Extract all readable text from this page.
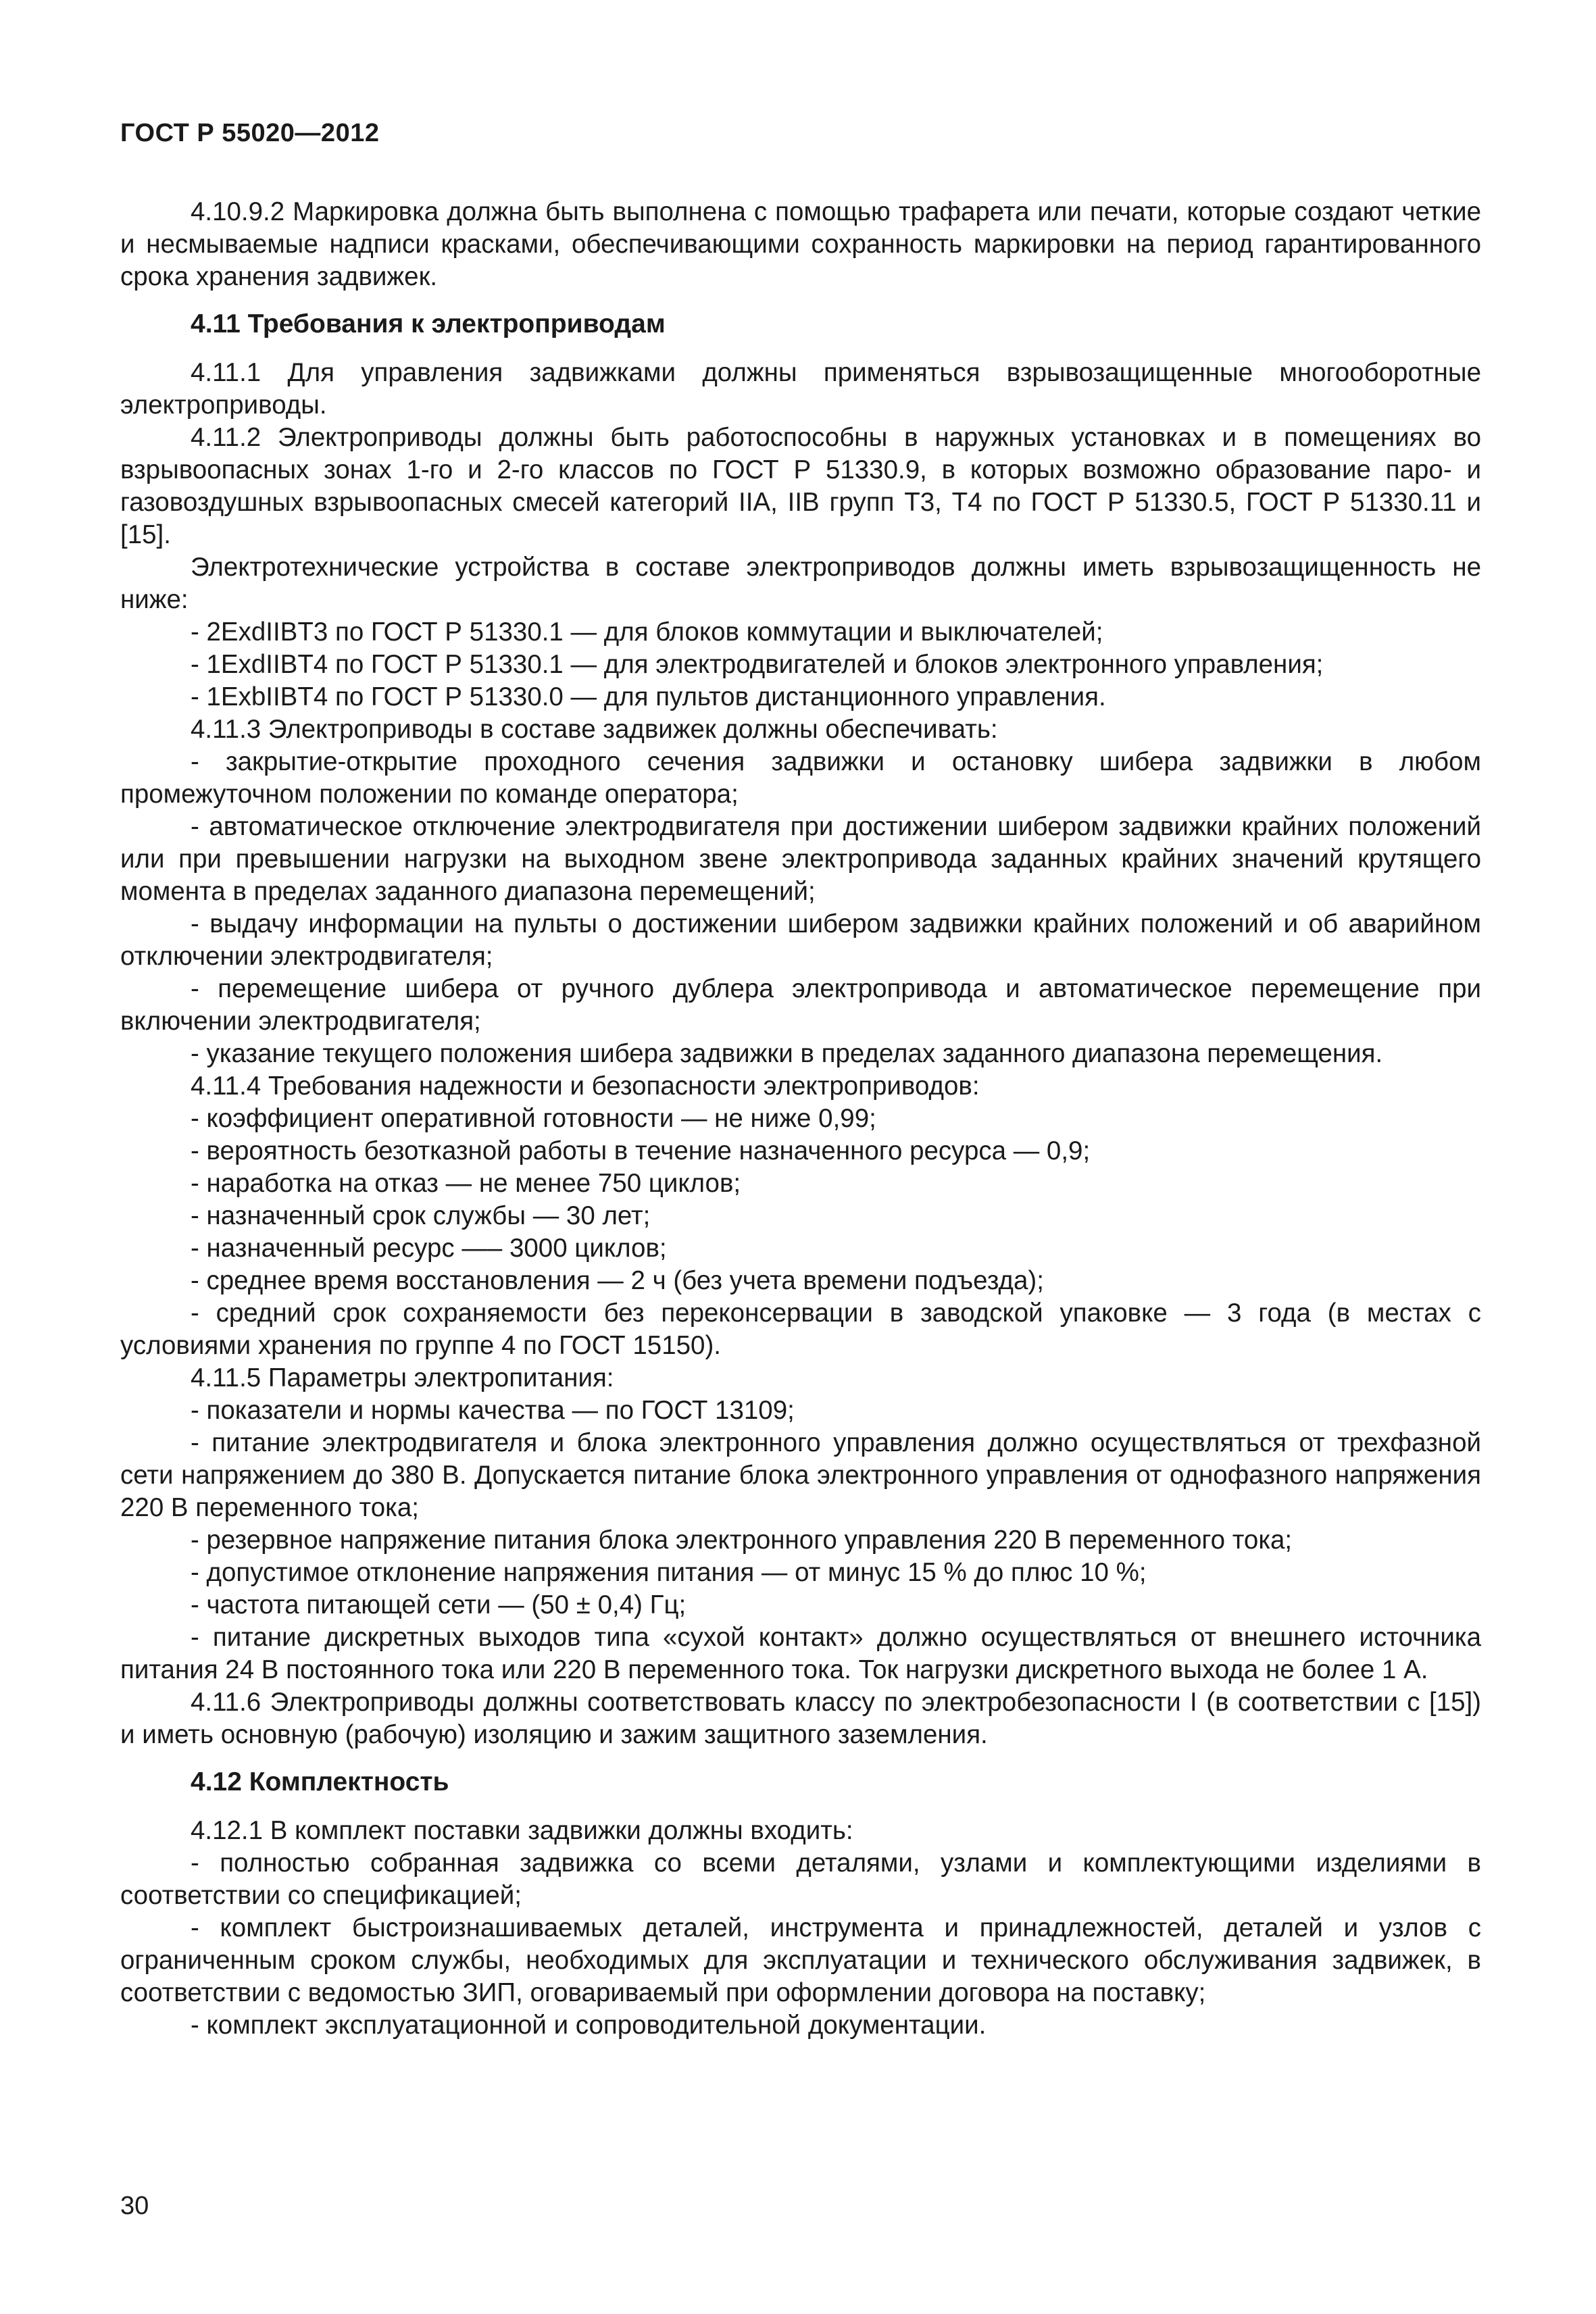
ГОСТ Р 55020—2012

4.10.9.2 Маркировка должна быть выполнена с помощью трафарета или печати, которые создают четкие и несмываемые надписи красками, обеспечивающими сохранность маркировки на период гарантированного срока хранения задвижек.

4.11 Требования к электроприводам

4.11.1 Для управления задвижками должны применяться взрывозащищенные многооборотные электроприводы.

4.11.2 Электроприводы должны быть работоспособны в наружных установках и в помещениях во взрывоопасных зонах 1-го и 2-го классов по ГОСТ Р 51330.9, в которых возможно образование паро- и газовоздушных взрывоопасных смесей категорий IIA, IIB групп Т3, Т4 по ГОСТ Р 51330.5, ГОСТ Р 51330.11 и [15].

Электротехнические устройства в составе электроприводов должны иметь взрывозащищенность не ниже:

- 2ExdIIBT3 по ГОСТ Р 51330.1 — для блоков коммутации и выключателей;

- 1ExdIIBT4 по ГОСТ Р 51330.1 — для электродвигателей и блоков электронного управления;

- 1ExbIIBT4 по ГОСТ Р 51330.0 — для пультов дистанционного управления.

4.11.3 Электроприводы в составе задвижек должны обеспечивать:

- закрытие-открытие проходного сечения задвижки и остановку шибера задвижки в любом промежуточном положении по команде оператора;

- автоматическое отключение электродвигателя при достижении шибером задвижки крайних положений или при превышении нагрузки на выходном звене электропривода заданных крайних значений крутящего момента в пределах заданного диапазона перемещений;

- выдачу информации на пульты о достижении шибером задвижки крайних положений и об аварийном отключении электродвигателя;

- перемещение шибера от ручного дублера электропривода и автоматическое перемещение при включении электродвигателя;

- указание текущего положения шибера задвижки в пределах заданного диапазона перемещения.

4.11.4 Требования надежности и безопасности электроприводов:

- коэффициент оперативной готовности — не ниже 0,99;

- вероятность безотказной работы в течение назначенного ресурса — 0,9;

- наработка на отказ — не менее 750 циклов;

- назначенный срок службы — 30 лет;

- назначенный ресурс —– 3000 циклов;

- среднее время восстановления — 2 ч (без учета времени подъезда);

- средний срок сохраняемости без переконсервации в заводской упаковке — 3 года (в местах с условиями хранения по группе 4 по ГОСТ 15150).

4.11.5 Параметры электропитания:

- показатели и нормы качества — по ГОСТ 13109;

- питание электродвигателя и блока электронного управления должно осуществляться от трехфазной сети напряжением до 380 В. Допускается питание блока электронного управления от однофазного напряжения 220 В переменного тока;

- резервное напряжение питания блока электронного управления 220 В переменного тока;

- допустимое отклонение напряжения питания — от минус 15 % до плюс 10 %;

- частота питающей сети — (50 ± 0,4) Гц;

- питание дискретных выходов типа «сухой контакт» должно осуществляться от внешнего источника питания 24 В постоянного тока или 220 В переменного тока. Ток нагрузки дискретного выхода не более 1 А.

4.11.6 Электроприводы должны соответствовать классу по электробезопасности I (в соответствии с [15]) и иметь основную (рабочую) изоляцию и зажим защитного заземления.

4.12 Комплектность

4.12.1 В комплект поставки задвижки должны входить:

- полностью собранная задвижка со всеми деталями, узлами и комплектующими изделиями в соответствии со спецификацией;

- комплект быстроизнашиваемых деталей, инструмента и принадлежностей, деталей и узлов с ограниченным сроком службы, необходимых для эксплуатации и технического обслуживания задвижек, в соответствии с ведомостью ЗИП, оговариваемый при оформлении договора на поставку;

- комплект эксплуатационной и сопроводительной документации.

30
